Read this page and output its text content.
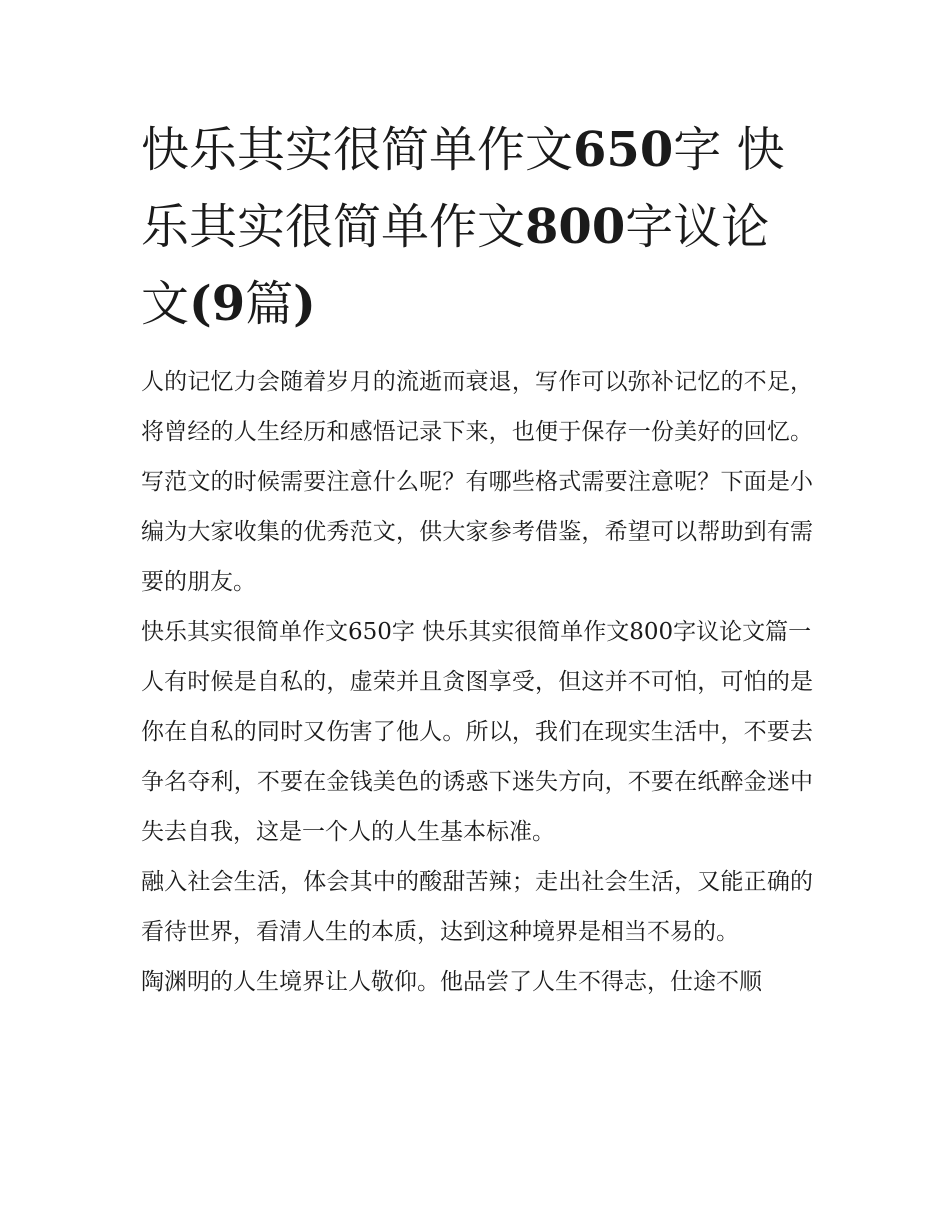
快乐其实很简单作文650字 快乐其实很简单作文800字议论文(9篇)

人的记忆力会随着岁月的流逝而衰退，写作可以弥补记忆的不足，将曾经的人生经历和感悟记录下来，也便于保存一份美好的回忆。写范文的时候需要注意什么呢？有哪些格式需要注意呢？下面是小编为大家收集的优秀范文，供大家参考借鉴，希望可以帮助到有需要的朋友。

快乐其实很简单作文650字 快乐其实很简单作文800字议论文篇一

人有时候是自私的，虚荣并且贪图享受，但这并不可怕，可怕的是你在自私的同时又伤害了他人。所以，我们在现实生活中，不要去争名夺利，不要在金钱美色的诱惑下迷失方向，不要在纸醉金迷中失去自我，这是一个人的人生基本标准。

融入社会生活，体会其中的酸甜苦辣；走出社会生活，又能正确的看待世界，看清人生的本质，达到这种境界是相当不易的。

陶渊明的人生境界让人敬仰。他品尝了人生不得志，仕途不顺
